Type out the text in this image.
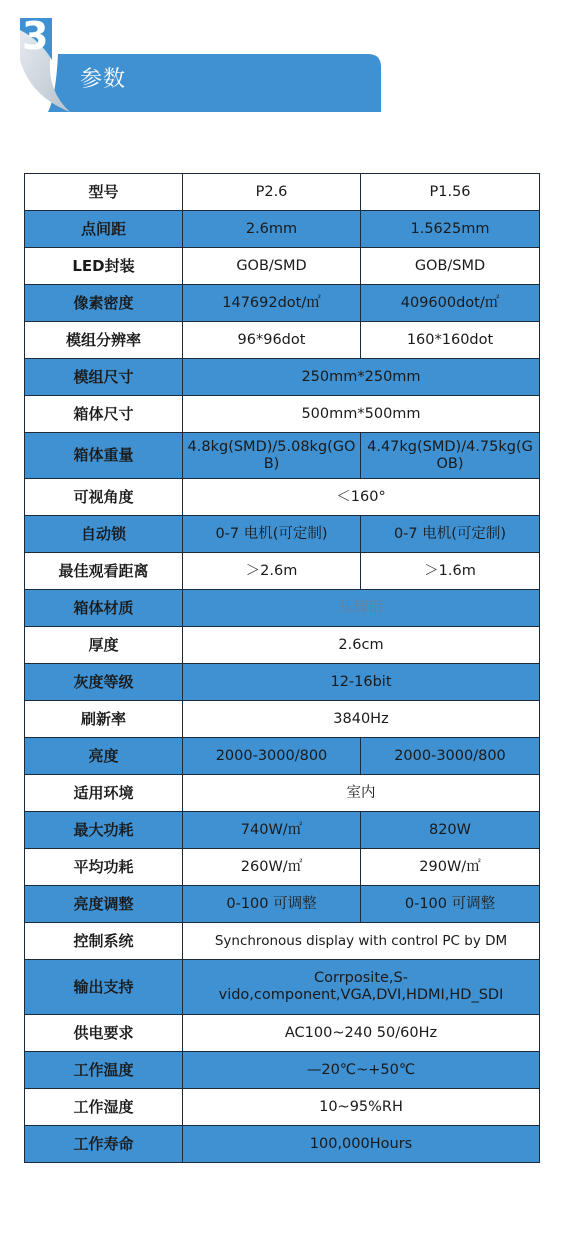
3
参数
型号	P2.6	P1.56
点间距	2.6mm	1.5625mm
LED封装	GOB/SMD	GOB/SMD
像素密度	147692dot/㎡	409600dot/㎡
模组分辨率	96*96dot	160*160dot
模组尺寸	250mm*250mm	
箱体尺寸	500mm*500mm	
箱体重量	4.8kg(SMD)/5.08kg(GOB)	4.47kg(SMD)/4.75kg(GOB)
可视角度	＜160°	
自动锁	0-7 电机(可定制)	0-7 电机(可定制)
最佳观看距离	＞2.6m	＞1.6m
箱体材质	压铸铝	
厚度	2.6cm	
灰度等级	12-16bit	
刷新率	3840Hz	
亮度	2000-3000/800	2000-3000/800
适用环境	室内	
最大功耗	740W/㎡	820W
平均功耗	260W/㎡	290W/㎡
亮度调整	0-100 可调整	0-100 可调整
控制系统	Synchronous display with control PC by DM	
输出支持	Corrposite,S-vido,component,VGA,DVI,HDMI,HD_SDI	
供电要求	AC100~240 50/60Hz	
工作温度	—20℃~+50℃	
工作湿度	10~95%RH	
工作寿命	100,000Hours	
